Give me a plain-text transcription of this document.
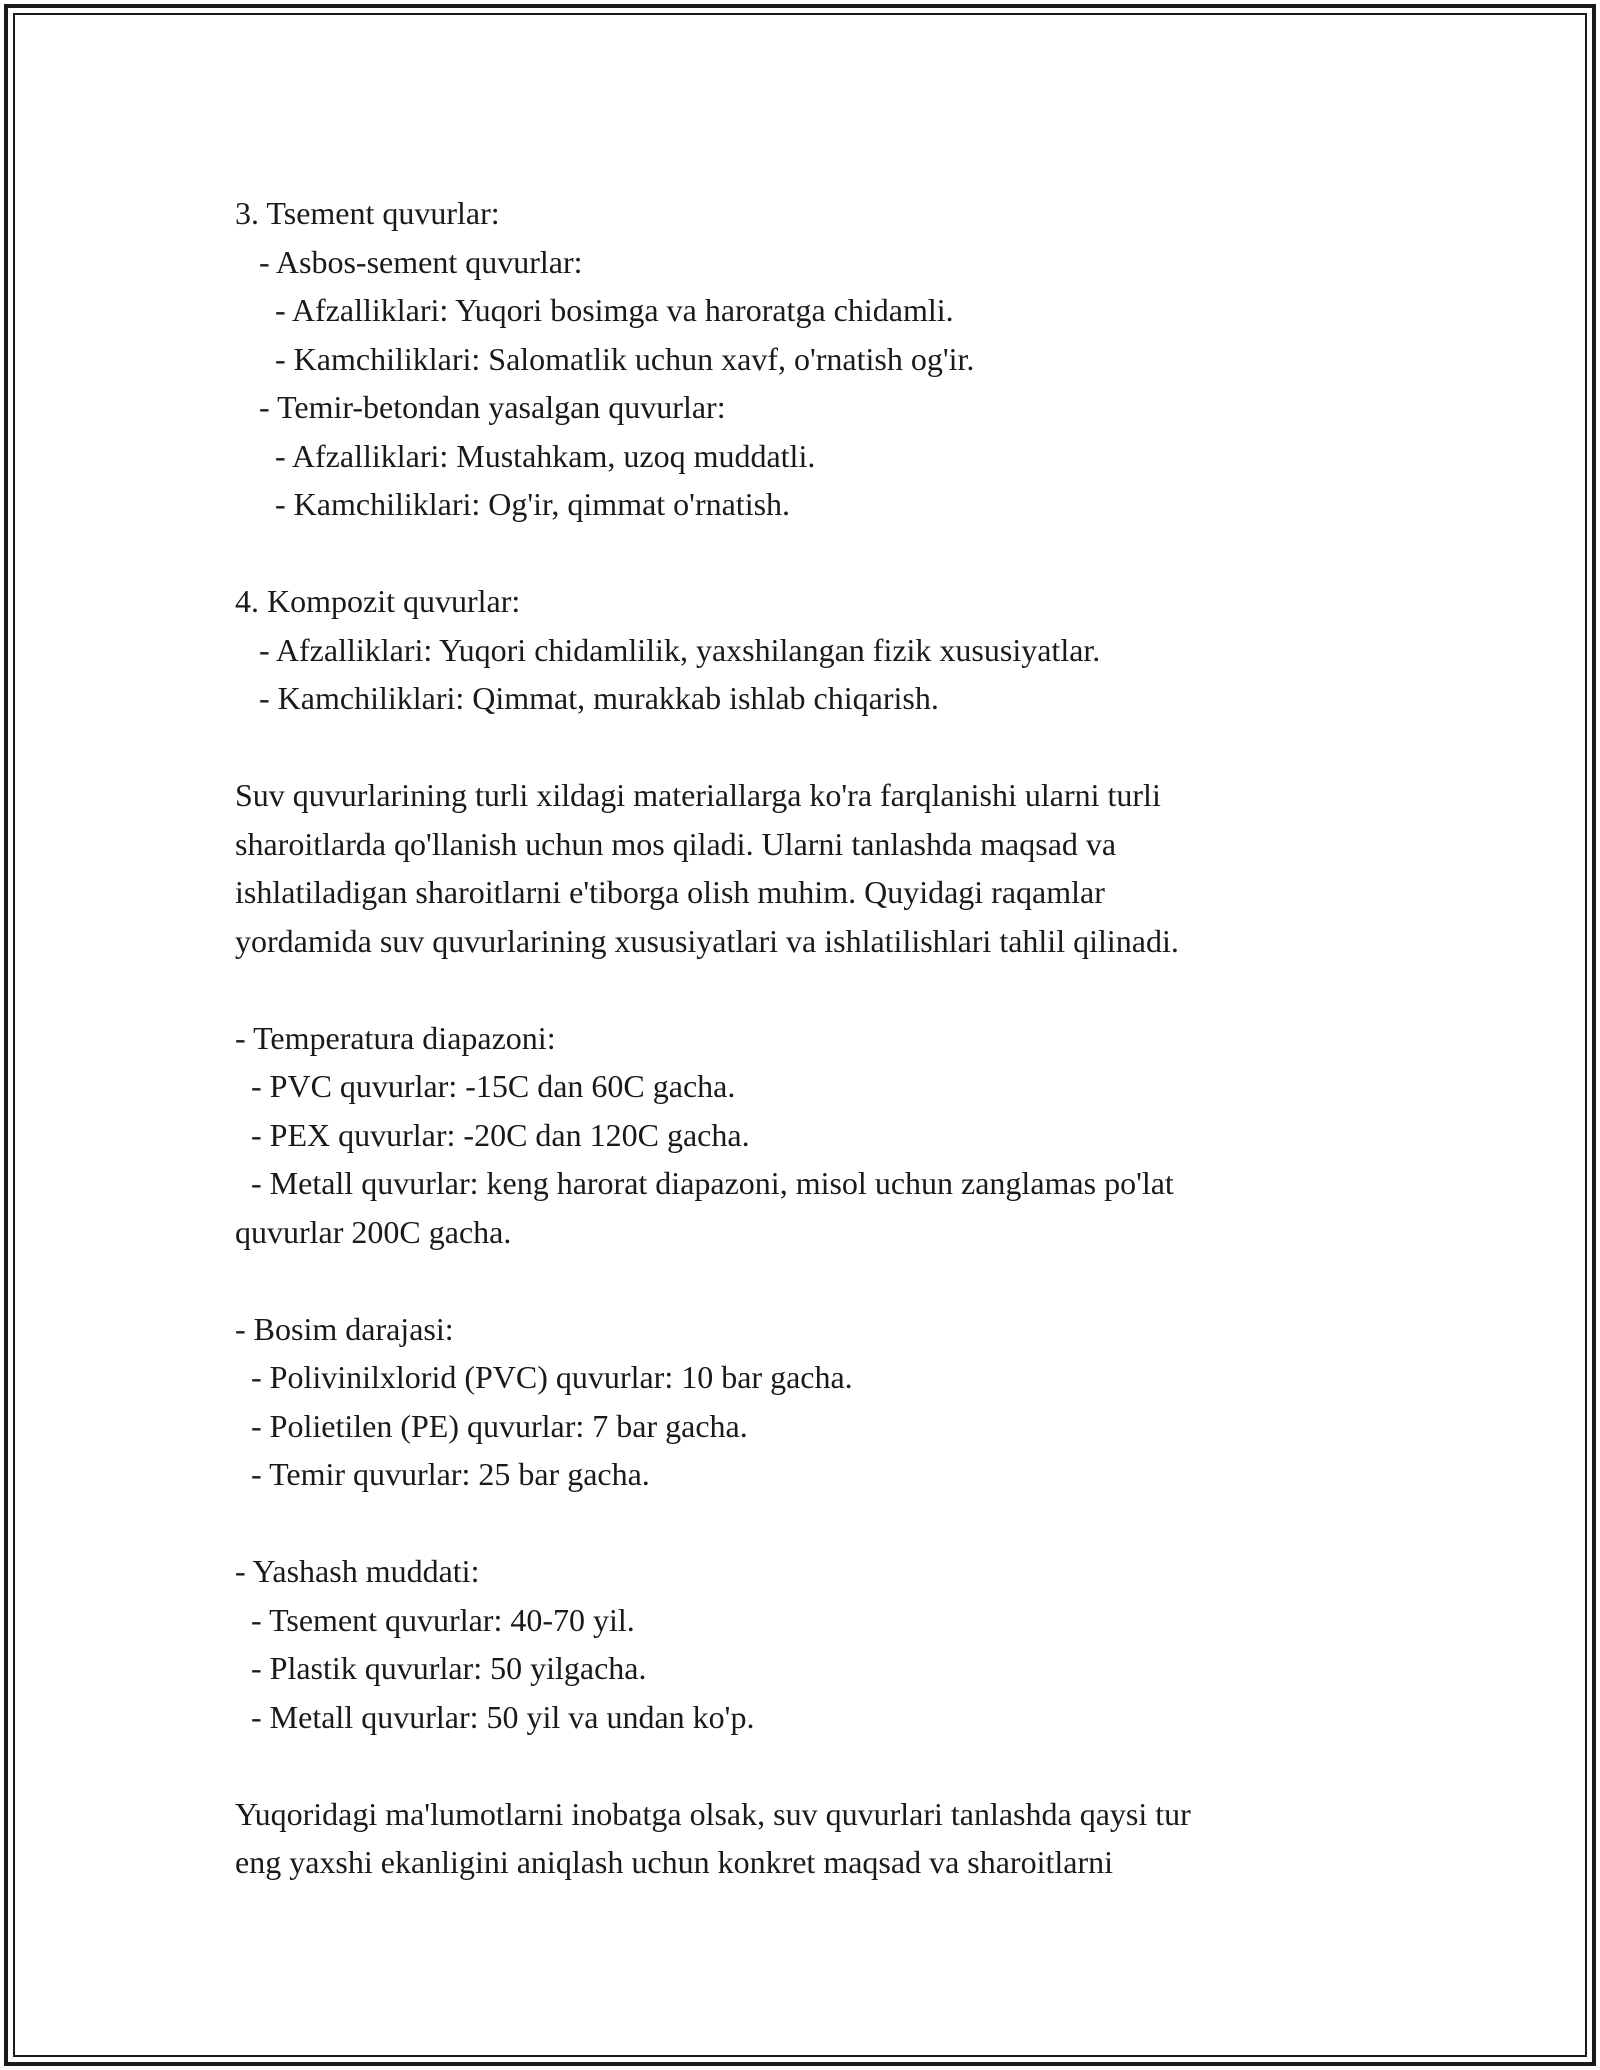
3. Tsement quvurlar:

- Asbos-sement quvurlar:

- Afzalliklari: Yuqori bosimga va haroratga chidamli.

- Kamchiliklari: Salomatlik uchun xavf, o'rnatish og'ir.

- Temir-betondan yasalgan quvurlar:

- Afzalliklari: Mustahkam, uzoq muddatli.

- Kamchiliklari: Og'ir, qimmat o'rnatish.

4. Kompozit quvurlar:

- Afzalliklari: Yuqori chidamlilik, yaxshilangan fizik xususiyatlar.

- Kamchiliklari: Qimmat, murakkab ishlab chiqarish.

Suv quvurlarining turli xildagi materiallarga ko'ra farqlanishi ularni turli

sharoitlarda qo'llanish uchun mos qiladi. Ularni tanlashda maqsad va

ishlatiladigan sharoitlarni e'tiborga olish muhim. Quyidagi raqamlar

yordamida suv quvurlarining xususiyatlari va ishlatilishlari tahlil qilinadi.

- Temperatura diapazoni:

- PVC quvurlar: -15C dan 60C gacha.

- PEX quvurlar: -20C dan 120C gacha.

- Metall quvurlar: keng harorat diapazoni, misol uchun zanglamas po'lat

quvurlar 200C gacha.

- Bosim darajasi:

- Polivinilxlorid (PVC) quvurlar: 10 bar gacha.

- Polietilen (PE) quvurlar: 7 bar gacha.

- Temir quvurlar: 25 bar gacha.

- Yashash muddati:

- Tsement quvurlar: 40-70 yil.

- Plastik quvurlar: 50 yilgacha.

- Metall quvurlar: 50 yil va undan ko'p.

Yuqoridagi ma'lumotlarni inobatga olsak, suv quvurlari tanlashda qaysi tur

eng yaxshi ekanligini aniqlash uchun konkret maqsad va sharoitlarni
